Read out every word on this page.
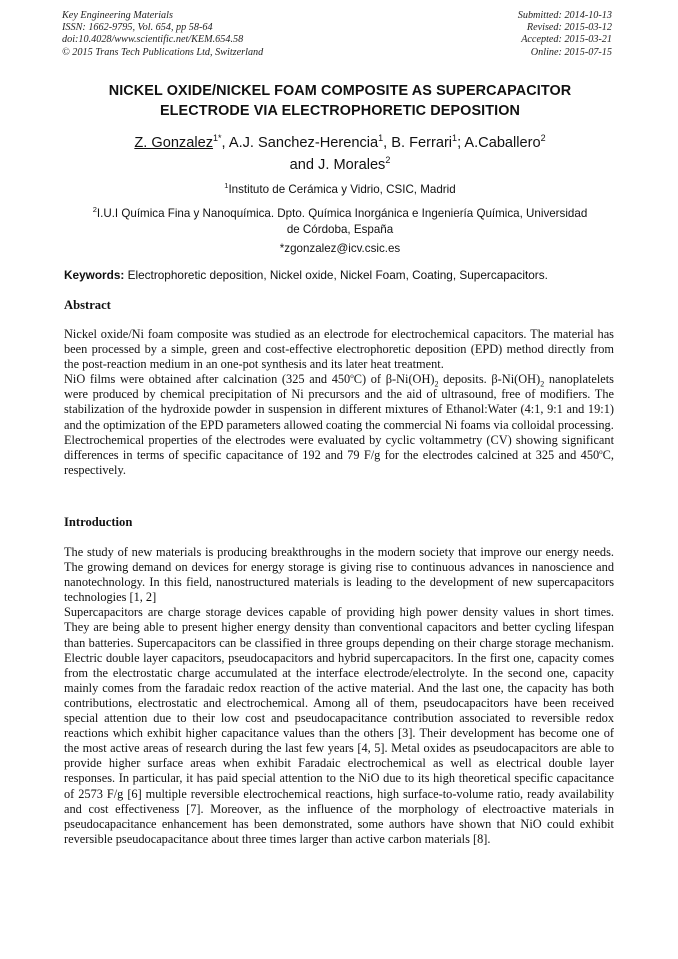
Key Engineering Materials
ISSN: 1662-9795, Vol. 654, pp 58-64
doi:10.4028/www.scientific.net/KEM.654.58
© 2015 Trans Tech Publications Ltd, Switzerland
Submitted: 2014-10-13
Revised: 2015-03-12
Accepted: 2015-03-21
Online: 2015-07-15
NICKEL OXIDE/NICKEL FOAM COMPOSITE AS SUPERCAPACITOR
ELECTRODE VIA ELECTROPHORETIC DEPOSITION
Z. Gonzalez$^{1*}$, A.J. Sanchez-Herencia$^1$, B. Ferrari$^1$; A.Caballero$^2$
and J. Morales$^2$
$^1$Instituto de Cerámica y Vidrio, CSIC, Madrid
$^2$I.U.I Química Fina y Nanoquímica. Dpto. Química Inorgánica e Ingeniería Química, Universidad
de Córdoba, España
*zgonzalez@icv.csic.es
Keywords: Electrophoretic deposition, Nickel oxide, Nickel Foam, Coating, Supercapacitors.
Abstract

Nickel oxide/Ni foam composite was studied as an electrode for electrochemical capacitors. The material has been processed by a simple, green and cost-effective electrophoretic deposition (EPD) method directly from the post-reaction medium in an one-pot synthesis and its later heat treatment.

NiO films were obtained after calcination (325 and 450$^o$C) of $\beta-Ni(OH)_2$ deposits. $\beta-Ni(OH)_2$ nanoplatelets were produced by chemical precipitation of Ni precursors and the aid of ultrasound, free of modifiers. The stabilization of the hydroxide powder in suspension in different mixtures of Ethanol:Water (4:1, 9:1 and 19:1) and the optimization of the EPD parameters allowed coating the commercial Ni foams via colloidal processing.

Electrochemical properties of the electrodes were evaluated by cyclic voltammetry (CV) showing significant differences in terms of specific capacitance of 192 and 79 F/g for the electrodes calcined at 325 and 450$^o$C, respectively.

Introduction

The study of new materials is producing breakthroughs in the modern society that improve our energy needs. The growing demand on devices for energy storage is giving rise to continuous advances in nanoscience and nanotechnology. In this field, nanostructured materials is leading to the development of new supercapacitors technologies [1, 2]

Supercapacitors are charge storage devices capable of providing high power density values in short times. They are being able to present higher energy density than conventional capacitors and better cycling lifespan than batteries. Supercapacitors can be classified in three groups depending on their charge storage mechanism. Electric double layer capacitors, pseudocapacitors and hybrid supercapacitors. In the first one, capacity comes from the electrostatic charge accumulated at the interface electrode/electrolyte. In the second one, capacity mainly comes from the faradaic redox reaction of the active material. And the last one, the capacity has both contributions, electrostatic and electrochemical. Among all of them, pseudocapacitors have been received special attention due to their low cost and pseudocapacitance contribution associated to reversible redox reactions which exhibit higher capacitance values than the others [3]. Their development has become one of the most active areas of research during the last few years [4, 5]. Metal oxides as pseudocapacitors are able to provide higher surface areas when exhibit Faradaic electrochemical as well as electrical double layer responses. In particular, it has paid special attention to the NiO due to its high theoretical specific capacitance of 2573 F/g [6] multiple reversible electrochemical reactions, high surface-to-volume ratio, ready availability and cost effectiveness [7]. Moreover, as the influence of the morphology of electroactive materials in pseudocapacitance enhancement has been demonstrated, some authors have shown that NiO could exhibit reversible pseudocapacitance about three times larger than active carbon materials [8].
